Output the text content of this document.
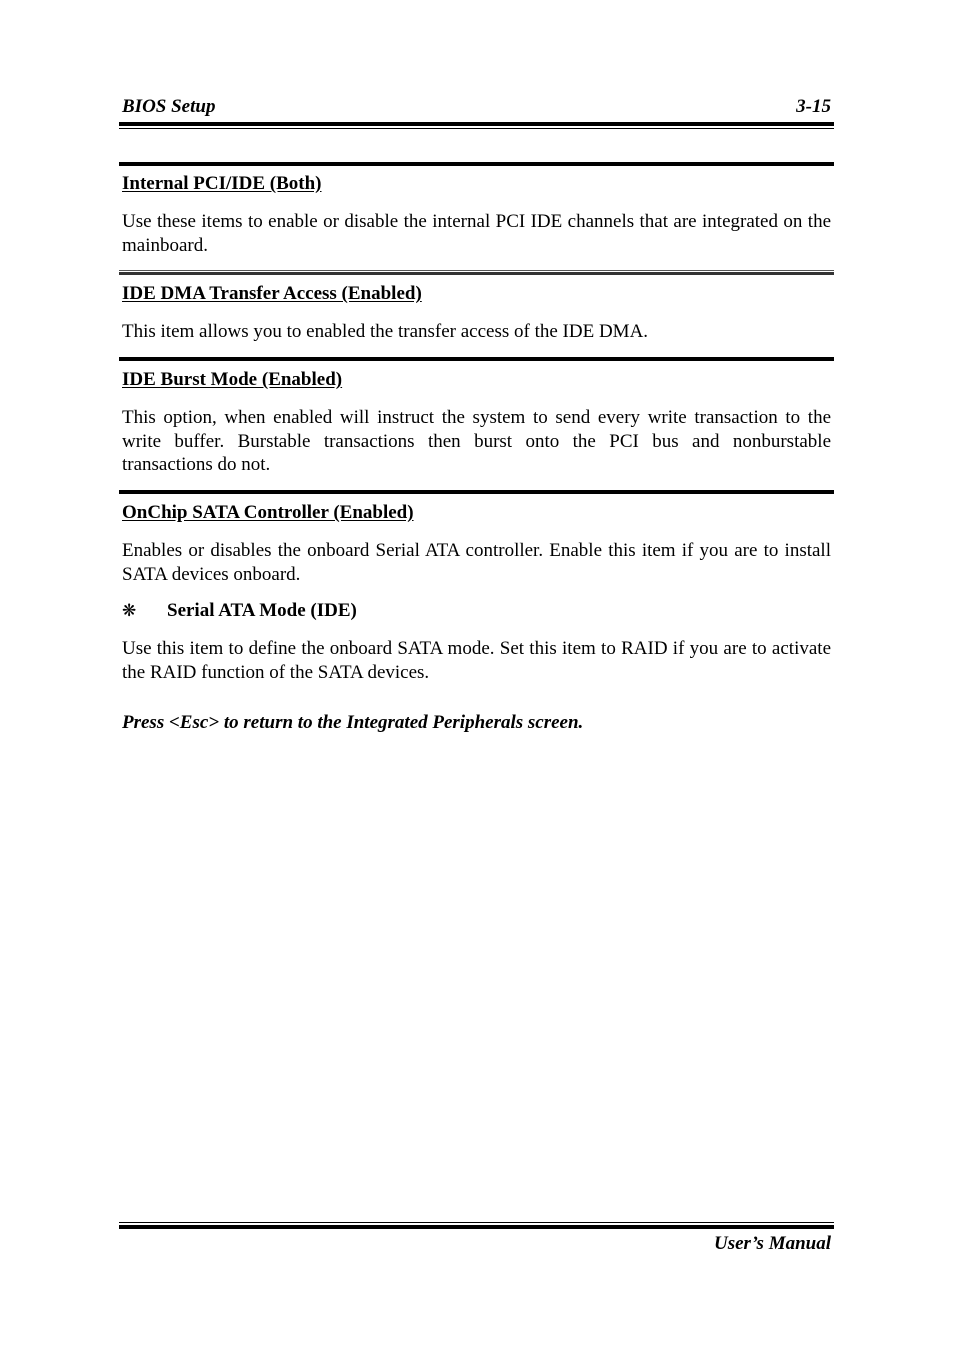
BIOS Setup	3-15
Internal PCI/IDE (Both)
Use these items to enable or disable the internal PCI IDE channels that are integrated on the mainboard.
IDE DMA Transfer Access (Enabled)
This item allows you to enabled the transfer access of the IDE DMA.
IDE Burst Mode (Enabled)
This option, when enabled will instruct the system to send every write transaction to the write buffer. Burstable transactions then burst onto the PCI bus and nonburstable transactions do not.
OnChip SATA Controller (Enabled)
Enables or disables the onboard Serial ATA controller. Enable this item if you are to install SATA devices onboard.
❋ Serial ATA Mode (IDE)
Use this item to define the onboard SATA mode. Set this item to RAID if you are to activate the RAID function of the SATA devices.
Press <Esc> to return to the Integrated Peripherals screen.
User’s Manual
